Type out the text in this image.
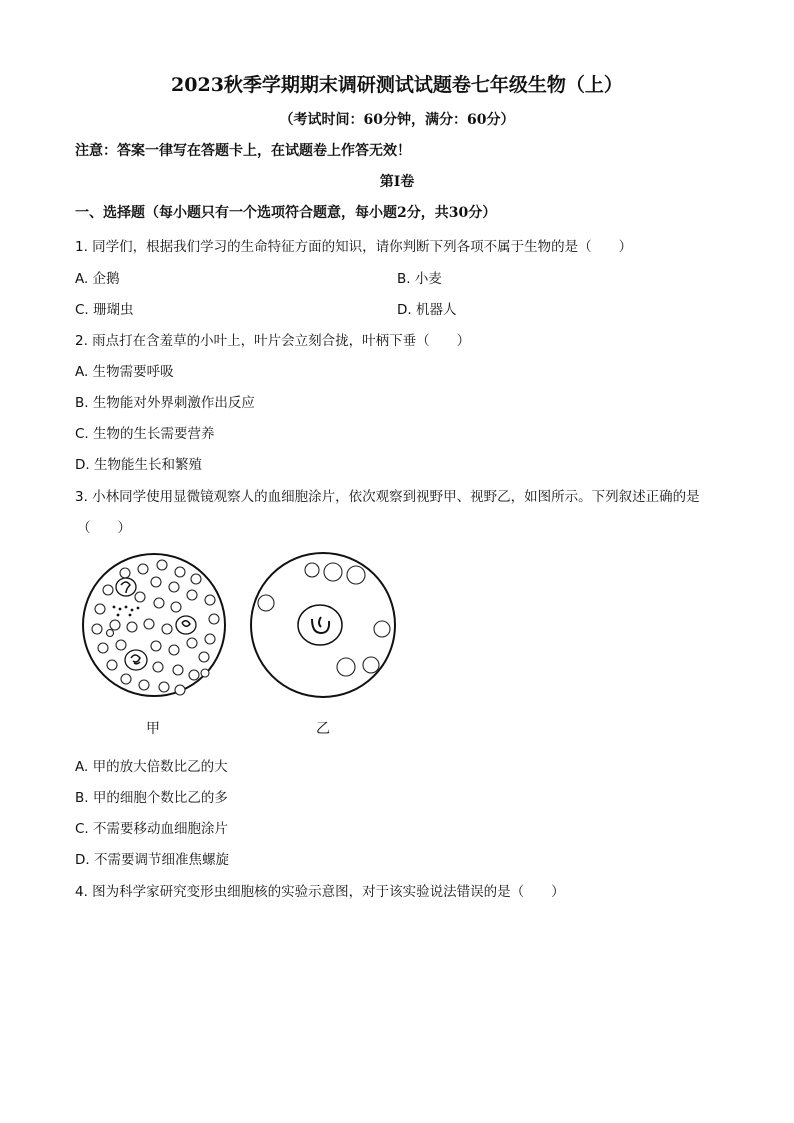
2023秋季学期期末调研测试试题卷七年级生物（上）
（考试时间：60分钟，满分：60分）
注意：答案一律写在答题卡上，在试题卷上作答无效！
第Ⅰ卷
一、选择题（每小题只有一个选项符合题意，每小题2分，共30分）
1. 同学们，根据我们学习的生命特征方面的知识，请你判断下列各项不属于生物的是（　　）
A. 企鹅	B. 小麦
C. 珊瑚虫	D. 机器人
2. 雨点打在含羞草的小叶上，叶片会立刻合拢，叶柄下垂（　　）
A. 生物需要呼吸
B. 生物能对外界刺激作出反应
C. 生物的生长需要营养
D. 生物能生长和繁殖
3. 小林同学使用显微镜观察人的血细胞涂片，依次观察到视野甲、视野乙，如图所示。下列叙述正确的是
（　　）
甲	乙
A. 甲的放大倍数比乙的大
B. 甲的细胞个数比乙的多
C. 不需要移动血细胞涂片
D. 不需要调节细准焦螺旋
4. 图为科学家研究变形虫细胞核的实验示意图，对于该实验说法错误的是（　　）
